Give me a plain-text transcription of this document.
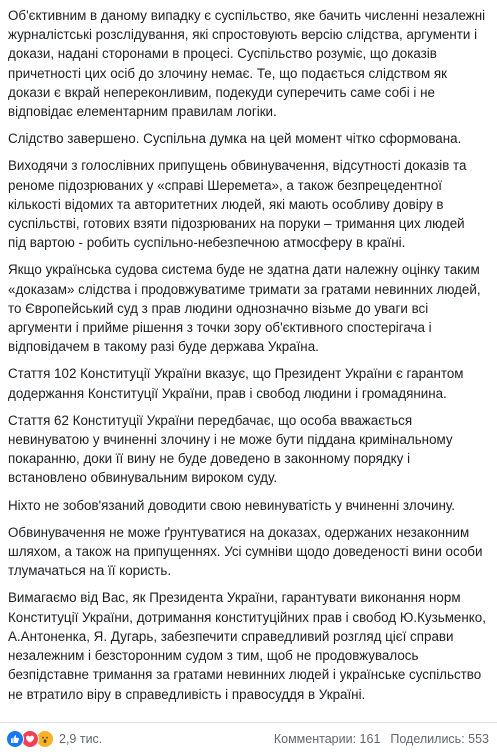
Об'єктивним в даному випадку є суспільство, яке бачить численні незалежні журналістські розслідування, які спростовують версію слідства, аргументи і докази, надані сторонами в процесі. Суспільство розуміє, що доказів причетності цих осіб до злочину немає. Те, що подається слідством як докази є вкрай непереконливим, подекуди суперечить саме собі і не відповідає елементарним правилам логіки.

Слідство завершено. Суспільна думка на цей момент чітко сформована.

Виходячи з голослівних припущень обвинувачення, відсутності доказів та реноме підозрюваних у «справі Шеремета», а також безпрецедентної кількості відомих та авторитетних людей, які мають особливу довіру в суспільстві, готових взяти підозрюваних на поруки – тримання цих людей під вартою - робить суспільно-небезпечною атмосферу в країні.

Якщо українська судова система буде не здатна дати належну оцінку таким «доказам» слідства і продовжуватиме тримати за гратами невинних людей, то Європейський суд з прав людини однозначно візьме до уваги всі аргументи і прийме рішення з точки зору об'єктивного спостерігача і відповідачем в такому разі буде держава Україна.

Стаття 102 Конституції України вказує, що Президент України є гарантом додержання Конституції України, прав і свобод людини і громадянина.

Стаття 62 Конституції України передбачає, що особа вважається невинуватою у вчиненні злочину і не може бути піддана кримінальному покаранню, доки її вину не буде доведено в законному порядку і встановлено обвинувальним вироком суду.

Ніхто не зобов'язаний доводити свою невинуватість у вчиненні злочину.

Обвинувачення не може ґрунтуватися на доказах, одержаних незаконним шляхом, а також на припущеннях. Усі сумніви щодо доведеності вини особи тлумачаться на її користь.

Вимагаємо від Вас, як Президента України, гарантувати виконання норм Конституції України, дотримання конституційних прав і свобод Ю.Кузьменко, А.Антоненка, Я. Дугарь, забезпечити справедливий розгляд цієї справи незалежним і безсторонним судом з тим, щоб не продовжувалось безпідставне тримання за гратами невинних людей і українське суспільство не втратило віру в справедливість і правосуддя в Україні.

2,9 тис.	Комментарии: 161 Поделились: 553
